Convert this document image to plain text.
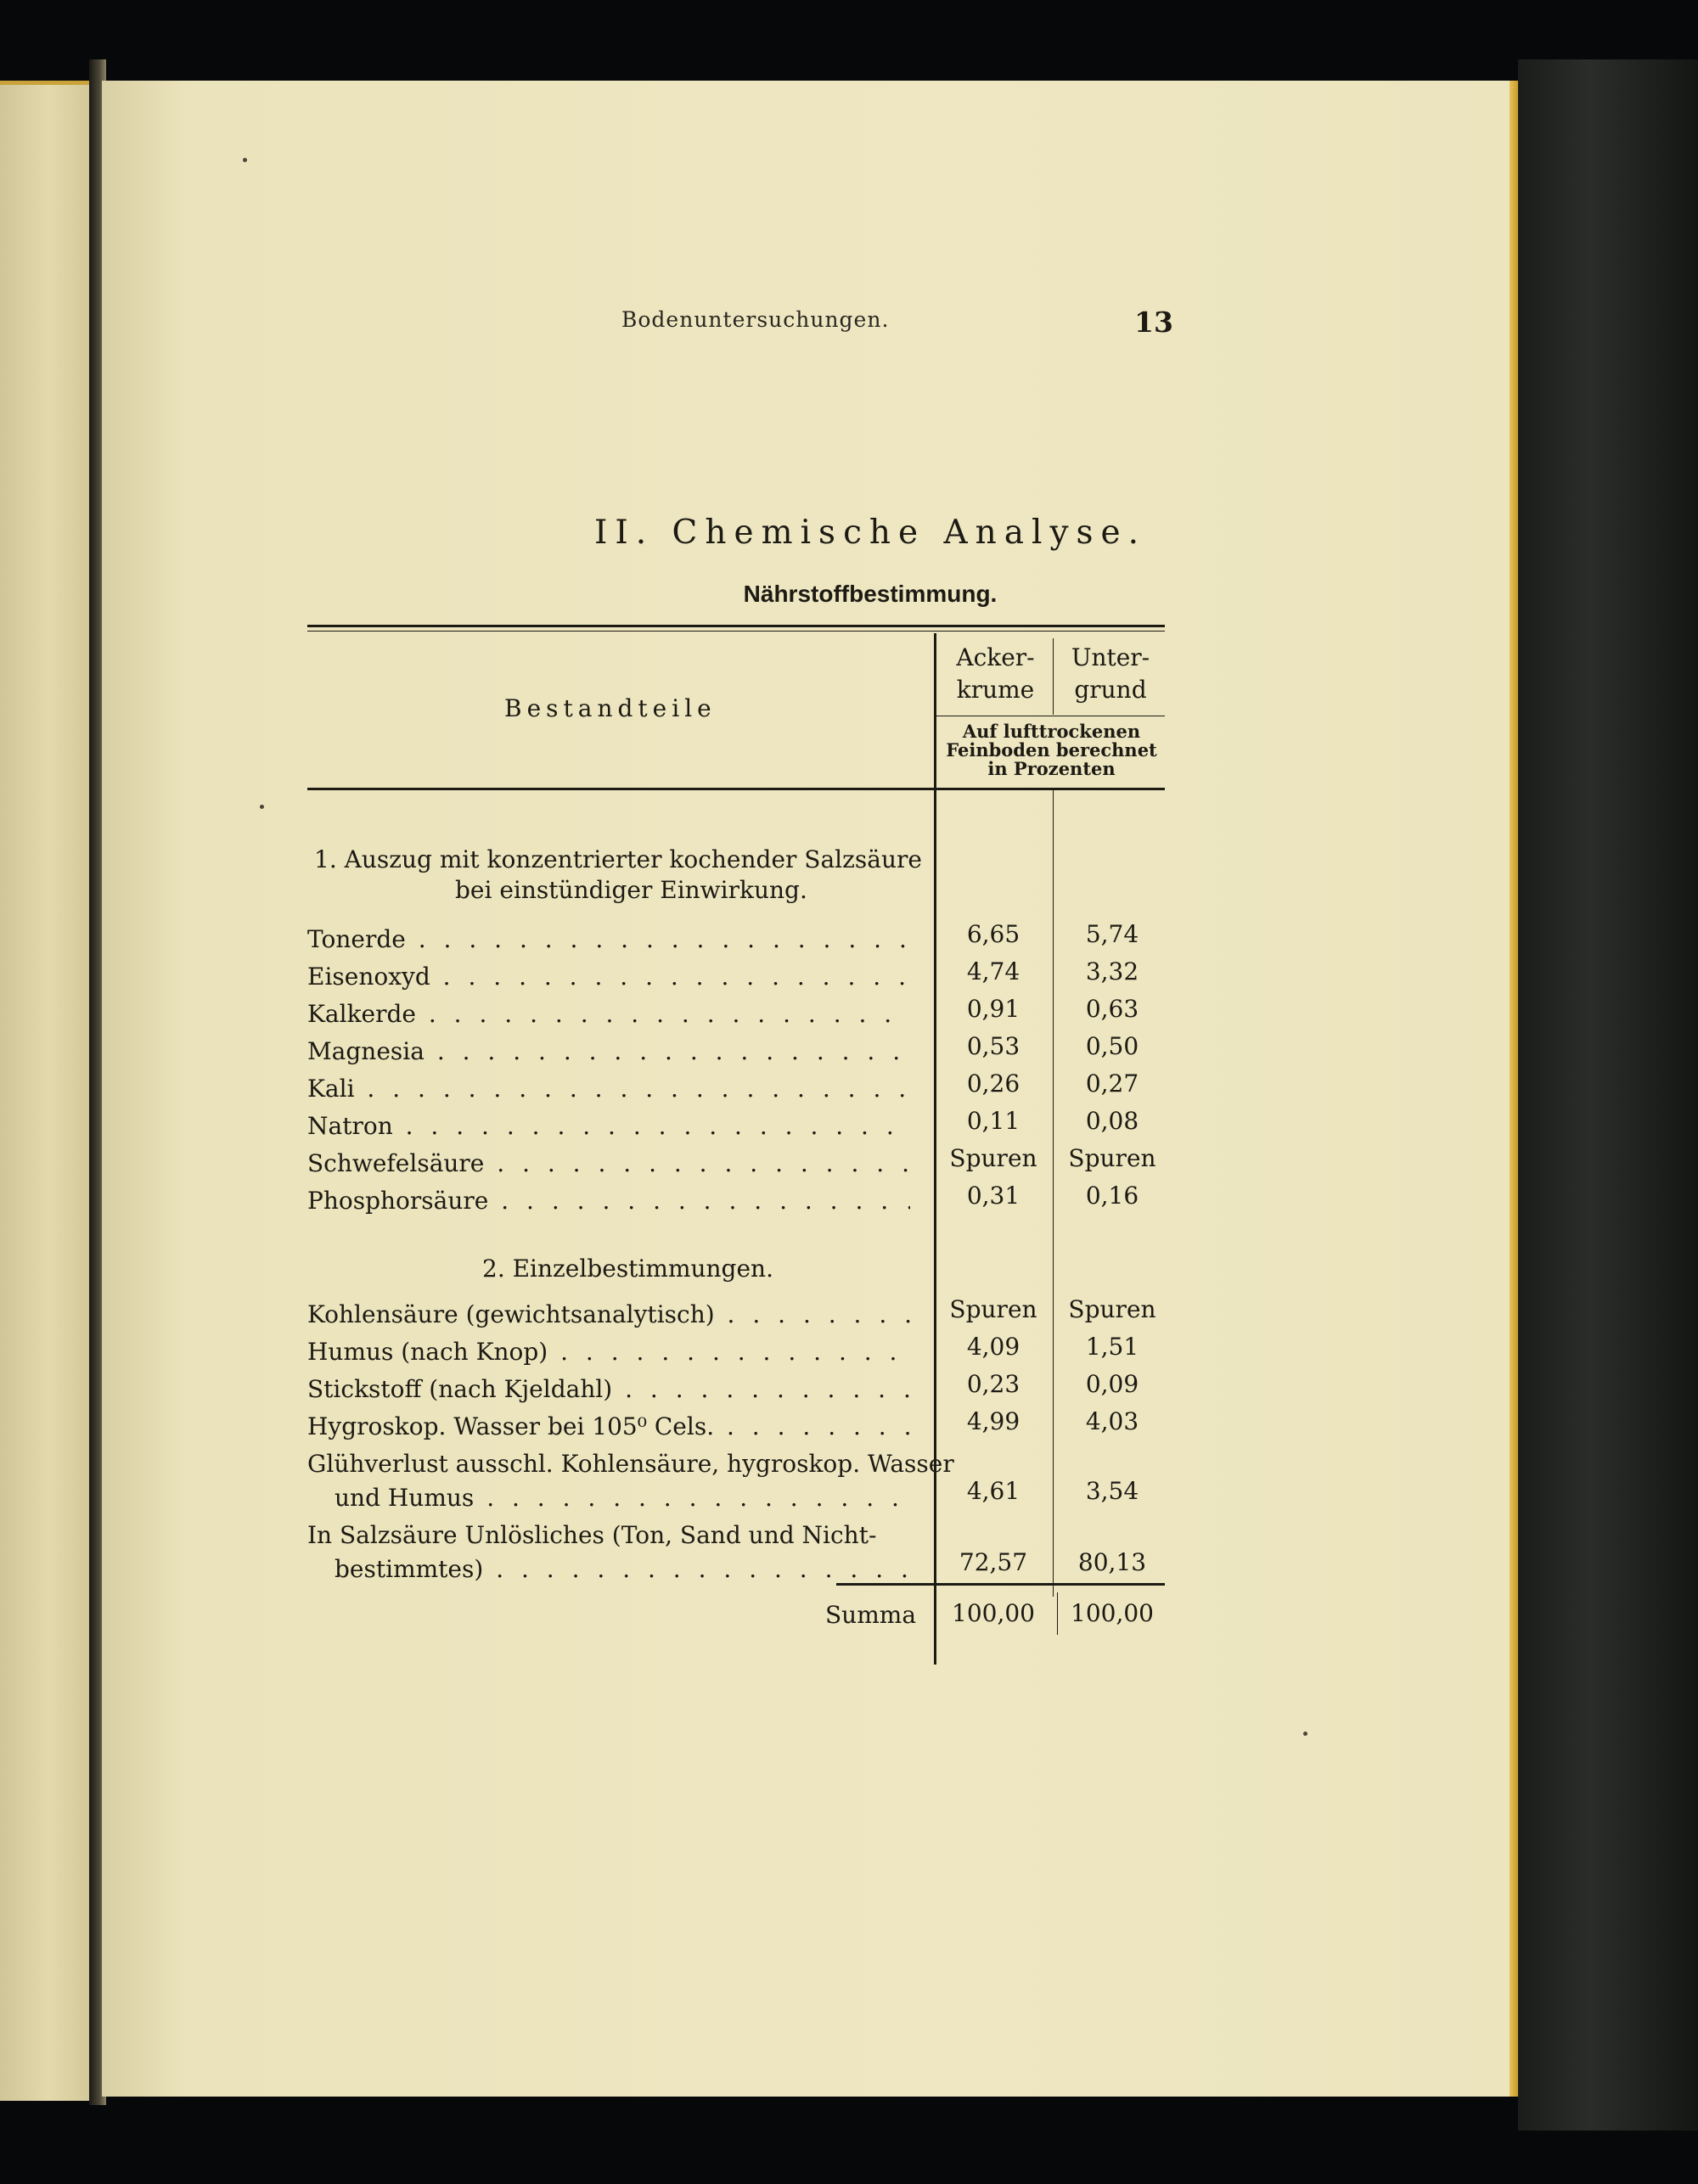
Bodenuntersuchungen.	13
II. Chemische Analyse.
Nährstoffbestimmung.
Bestandteile
Acker-
krume
Unter-
grund
Auf lufttrockenen
Feinboden berechnet
in Prozenten
1. Auszug mit konzentrierter kochender Salzsäure
bei einstündiger Einwirkung.
Tonerde . . .	6,65	5,74
Eisenoxyd . . .	4,74	3,32
Kalkerde . . .	0,91	0,63
Magnesia . . .	0,53	0,50
Kali . . .	0,26	0,27
Natron . . .	0,11	0,08
Schwefelsäure . . .	Spuren	Spuren
Phosphorsäure . . .	0,31	0,16
2. Einzelbestimmungen.
Kohlensäure (gewichtsanalytisch) . . .	Spuren	Spuren
Humus (nach Knop) . . .	4,09	1,51
Stickstoff (nach Kjeldahl) . . .	0,23	0,09
Hygroskop. Wasser bei 105⁰ Cels. . . .	4,99	4,03
Glühverlust ausschl. Kohlensäure, hygroskop. Wasser
und Humus . . .	4,61	3,54
In Salzsäure Unlösliches (Ton, Sand und Nicht-
bestimmtes) . . .	72,57	80,13
Summa	100,00	100,00
